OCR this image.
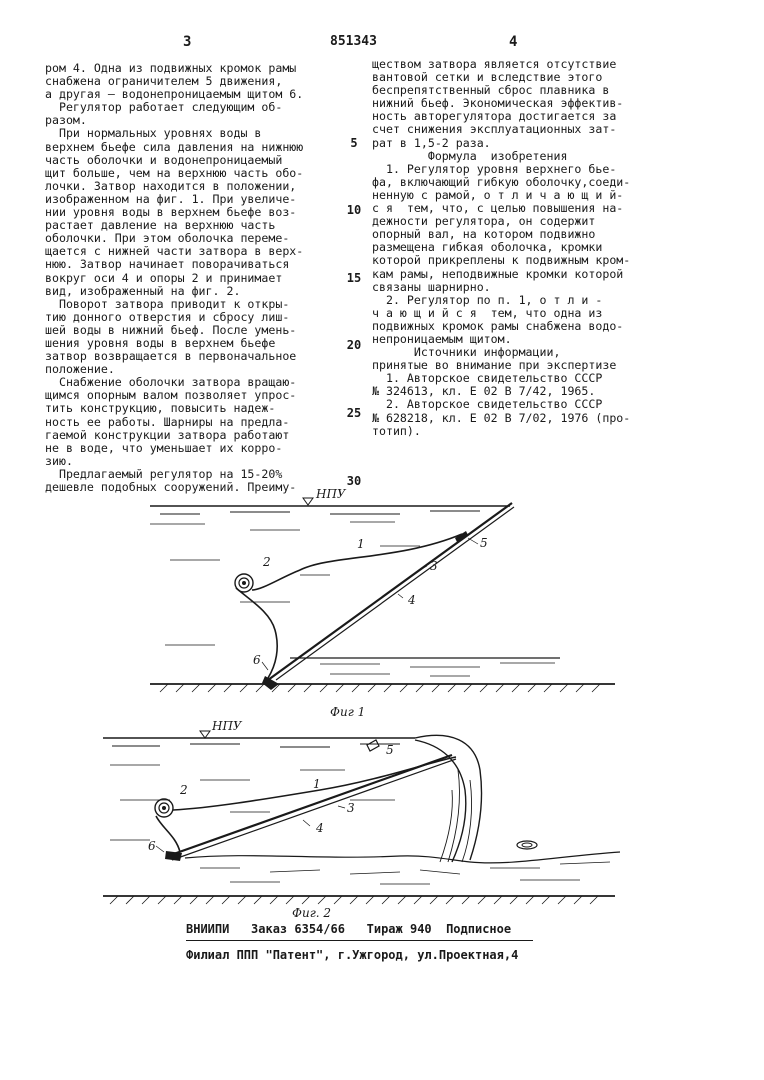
3	851343	4

ром 4. Одна из подвижных кромок рамы

снабжена ограничителем 5 движения,

а другая – водонепроницаемым щитом 6.

Регулятор работает следующим об-

разом.

При нормальных уровнях воды в

верхнем бьефе сила давления на нижнюю

часть оболочки и водонепроницаемый

щит больше, чем на верхнюю часть обо-

лочки. Затвор находится в положении,

изображенном на фиг. 1. При увеличе-

нии уровня воды в верхнем бьефе воз-

растает давление на верхнюю часть

оболочки. При этом оболочка переме-

щается с нижней части затвора в верх-

нюю. Затвор начинает поворачиваться

вокруг оси 4 и опоры 2 и принимает

вид, изображенный на фиг. 2.

Поворот затвора приводит к откры-

тию донного отверстия и сбросу лиш-

шей воды в нижний бьеф. После умень-

шения уровня воды в верхнем бьефе

затвор возвращается в первоначальное

положение.

Снабжение оболочки затвора вращаю-

щимся опорным валом позволяет упрос-

тить конструкцию, повысить надеж-

ность ее работы. Шарниры на предла-

гаемой конструкции затвора работают

не в воде, что уменьшает их корро-

зию.

Предлагаемый регулятор на 15-20%

дешевле подобных сооружений. Преиму-

ществом затвора является отсутствие

вантовой сетки и вследствие этого

беспрепятственный сброс плавника в

нижний бьеф. Экономическая эффектив-

ность авторегулятора достигается за

счет снижения эксплуатационных зат-

рат в 1,5-2 раза.

Формула  изобретения

1. Регулятор уровня верхнего бье-

фа, включающий гибкую оболочку,соеди-

ненную с рамой, о т л и ч а ю щ и й-

с я  тем, что, с целью повышения на-

дежности регулятора, он содержит

опорный вал, на котором подвижно

размещена гибкая оболочка, кромки

которой прикреплены к подвижным кром-

кам рамы, неподвижные кромки которой

связаны шарнирно.

2. Регулятор по п. 1, о т л и -

ч а ю щ и й с я  тем, что одна из

подвижных кромок рамы снабжена водо-

непроницаемым щитом.

Источники информации,

принятые во внимание при экспертизе

1. Авторское свидетельство СССР

№ 324613, кл. Е 02 В 7/42, 1965.

2. Авторское свидетельство СССР

№ 628218, кл. Е 02 В 7/02, 1976 (про-

тотип).

5
10
15
20
25
30
НПУ
2
1
3
4
5
6
НПУ
2	1
3
4
5
6
Фиг 1
Фиг. 2
ВНИИПИ   Заказ 6354/66   Тираж 940  Подписное
Филиал ППП "Патент", г.Ужгород, ул.Проектная,4
